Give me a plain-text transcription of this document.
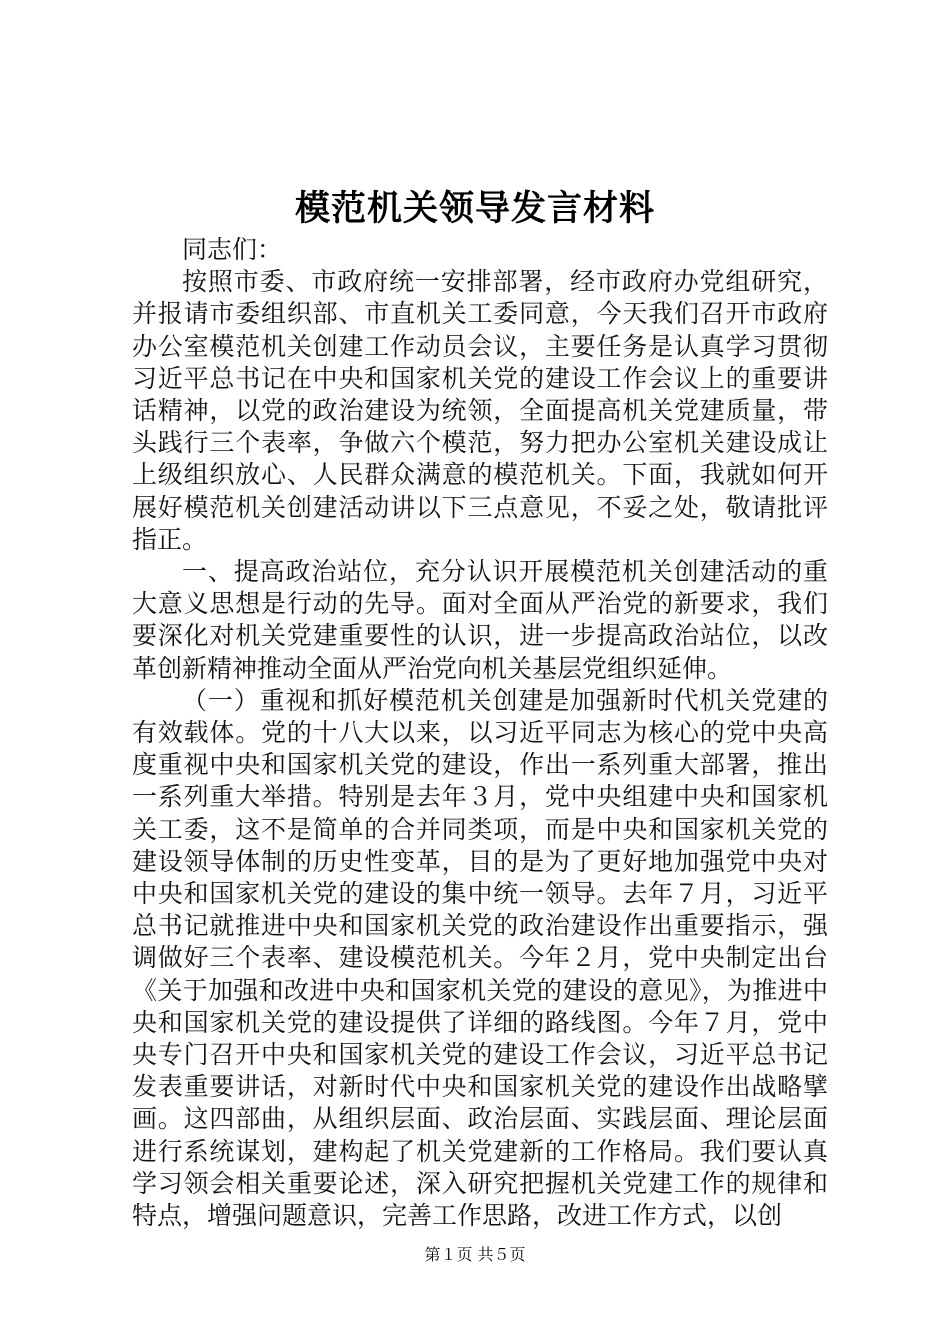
模范机关领导发言材料

同志们：

按照市委、市政府统一安排部署，经市政府办党组研究，并报请市委组织部、市直机关工委同意，今天我们召开市政府办公室模范机关创建工作动员会议，主要任务是认真学习贯彻习近平总书记在中央和国家机关党的建设工作会议上的重要讲话精神，以党的政治建设为统领，全面提高机关党建质量，带头践行三个表率，争做六个模范，努力把办公室机关建设成让上级组织放心、人民群众满意的模范机关。下面，我就如何开展好模范机关创建活动讲以下三点意见，不妥之处，敬请批评指正。

一、提高政治站位，充分认识开展模范机关创建活动的重大意义思想是行动的先导。面对全面从严治党的新要求，我们要深化对机关党建重要性的认识，进一步提高政治站位，以改革创新精神推动全面从严治党向机关基层党组织延伸。

（一）重视和抓好模范机关创建是加强新时代机关党建的有效载体。党的十八大以来，以习近平同志为核心的党中央高度重视中央和国家机关党的建设，作出一系列重大部署，推出一系列重大举措。特别是去年３月，党中央组建中央和国家机关工委，这不是简单的合并同类项，而是中央和国家机关党的建设领导体制的历史性变革，目的是为了更好地加强党中央对中央和国家机关党的建设的集中统一领导。去年７月，习近平总书记就推进中央和国家机关党的政治建设作出重要指示，强调做好三个表率、建设模范机关。今年２月，党中央制定出台《关于加强和改进中央和国家机关党的建设的意见》，为推进中央和国家机关党的建设提供了详细的路线图。今年７月，党中央专门召开中央和国家机关党的建设工作会议，习近平总书记发表重要讲话，对新时代中央和国家机关党的建设作出战略擘画。这四部曲，从组织层面、政治层面、实践层面、理论层面进行系统谋划，建构起了机关党建新的工作格局。我们要认真学习领会相关重要论述，深入研究把握机关党建工作的规律和特点，增强问题意识，完善工作思路，改进工作方式，以创

第１页 共５页
